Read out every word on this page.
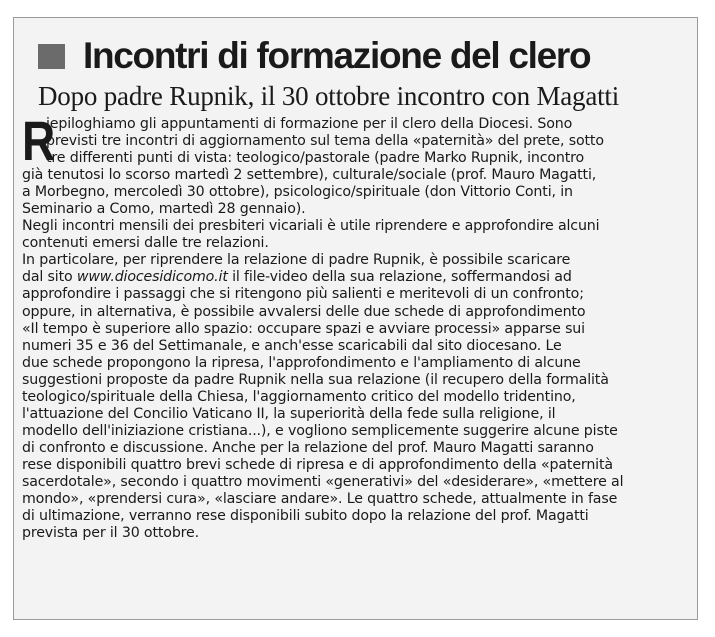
Incontri di formazione del clero
Dopo padre Rupnik, il 30 ottobre incontro con Magatti
R
iepiloghiamo gli appuntamenti di formazione per il clero della Diocesi. Sono
previsti tre incontri di aggiornamento sul tema della «paternità» del prete, sotto
tre differenti punti di vista: teologico/pastorale (padre Marko Rupnik, incontro
già tenutosi lo scorso martedì 2 settembre), culturale/sociale (prof. Mauro Magatti,
a Morbegno, mercoledì 30 ottobre), psicologico/spirituale (don Vittorio Conti, in
Seminario a Como, martedì 28 gennaio).
Negli incontri mensili dei presbiteri vicariali è utile riprendere e approfondire alcuni
contenuti emersi dalle tre relazioni.
In particolare, per riprendere la relazione di padre Rupnik, è possibile scaricare
dal sito www.diocesidicomo.it il file-video della sua relazione, soffermandosi ad
approfondire i passaggi che si ritengono più salienti e meritevoli di un confronto;
oppure, in alternativa, è possibile avvalersi delle due schede di approfondimento
«Il tempo è superiore allo spazio: occupare spazi e avviare processi» apparse sui
numeri 35 e 36 del Settimanale, e anch'esse scaricabili dal sito diocesano. Le
due schede propongono la ripresa, l'approfondimento e l'ampliamento di alcune
suggestioni proposte da padre Rupnik nella sua relazione (il recupero della formalità
teologico/spirituale della Chiesa, l'aggiornamento critico del modello tridentino,
l'attuazione del Concilio Vaticano II, la superiorità della fede sulla religione, il
modello dell'iniziazione cristiana...), e vogliono semplicemente suggerire alcune piste
di confronto e discussione. Anche per la relazione del prof. Mauro Magatti saranno
rese disponibili quattro brevi schede di ripresa e di approfondimento della «paternità
sacerdotale», secondo i quattro movimenti «generativi» del «desiderare», «mettere al
mondo», «prendersi cura», «lasciare andare». Le quattro schede, attualmente in fase
di ultimazione, verranno rese disponibili subito dopo la relazione del prof. Magatti
prevista per il 30 ottobre.
